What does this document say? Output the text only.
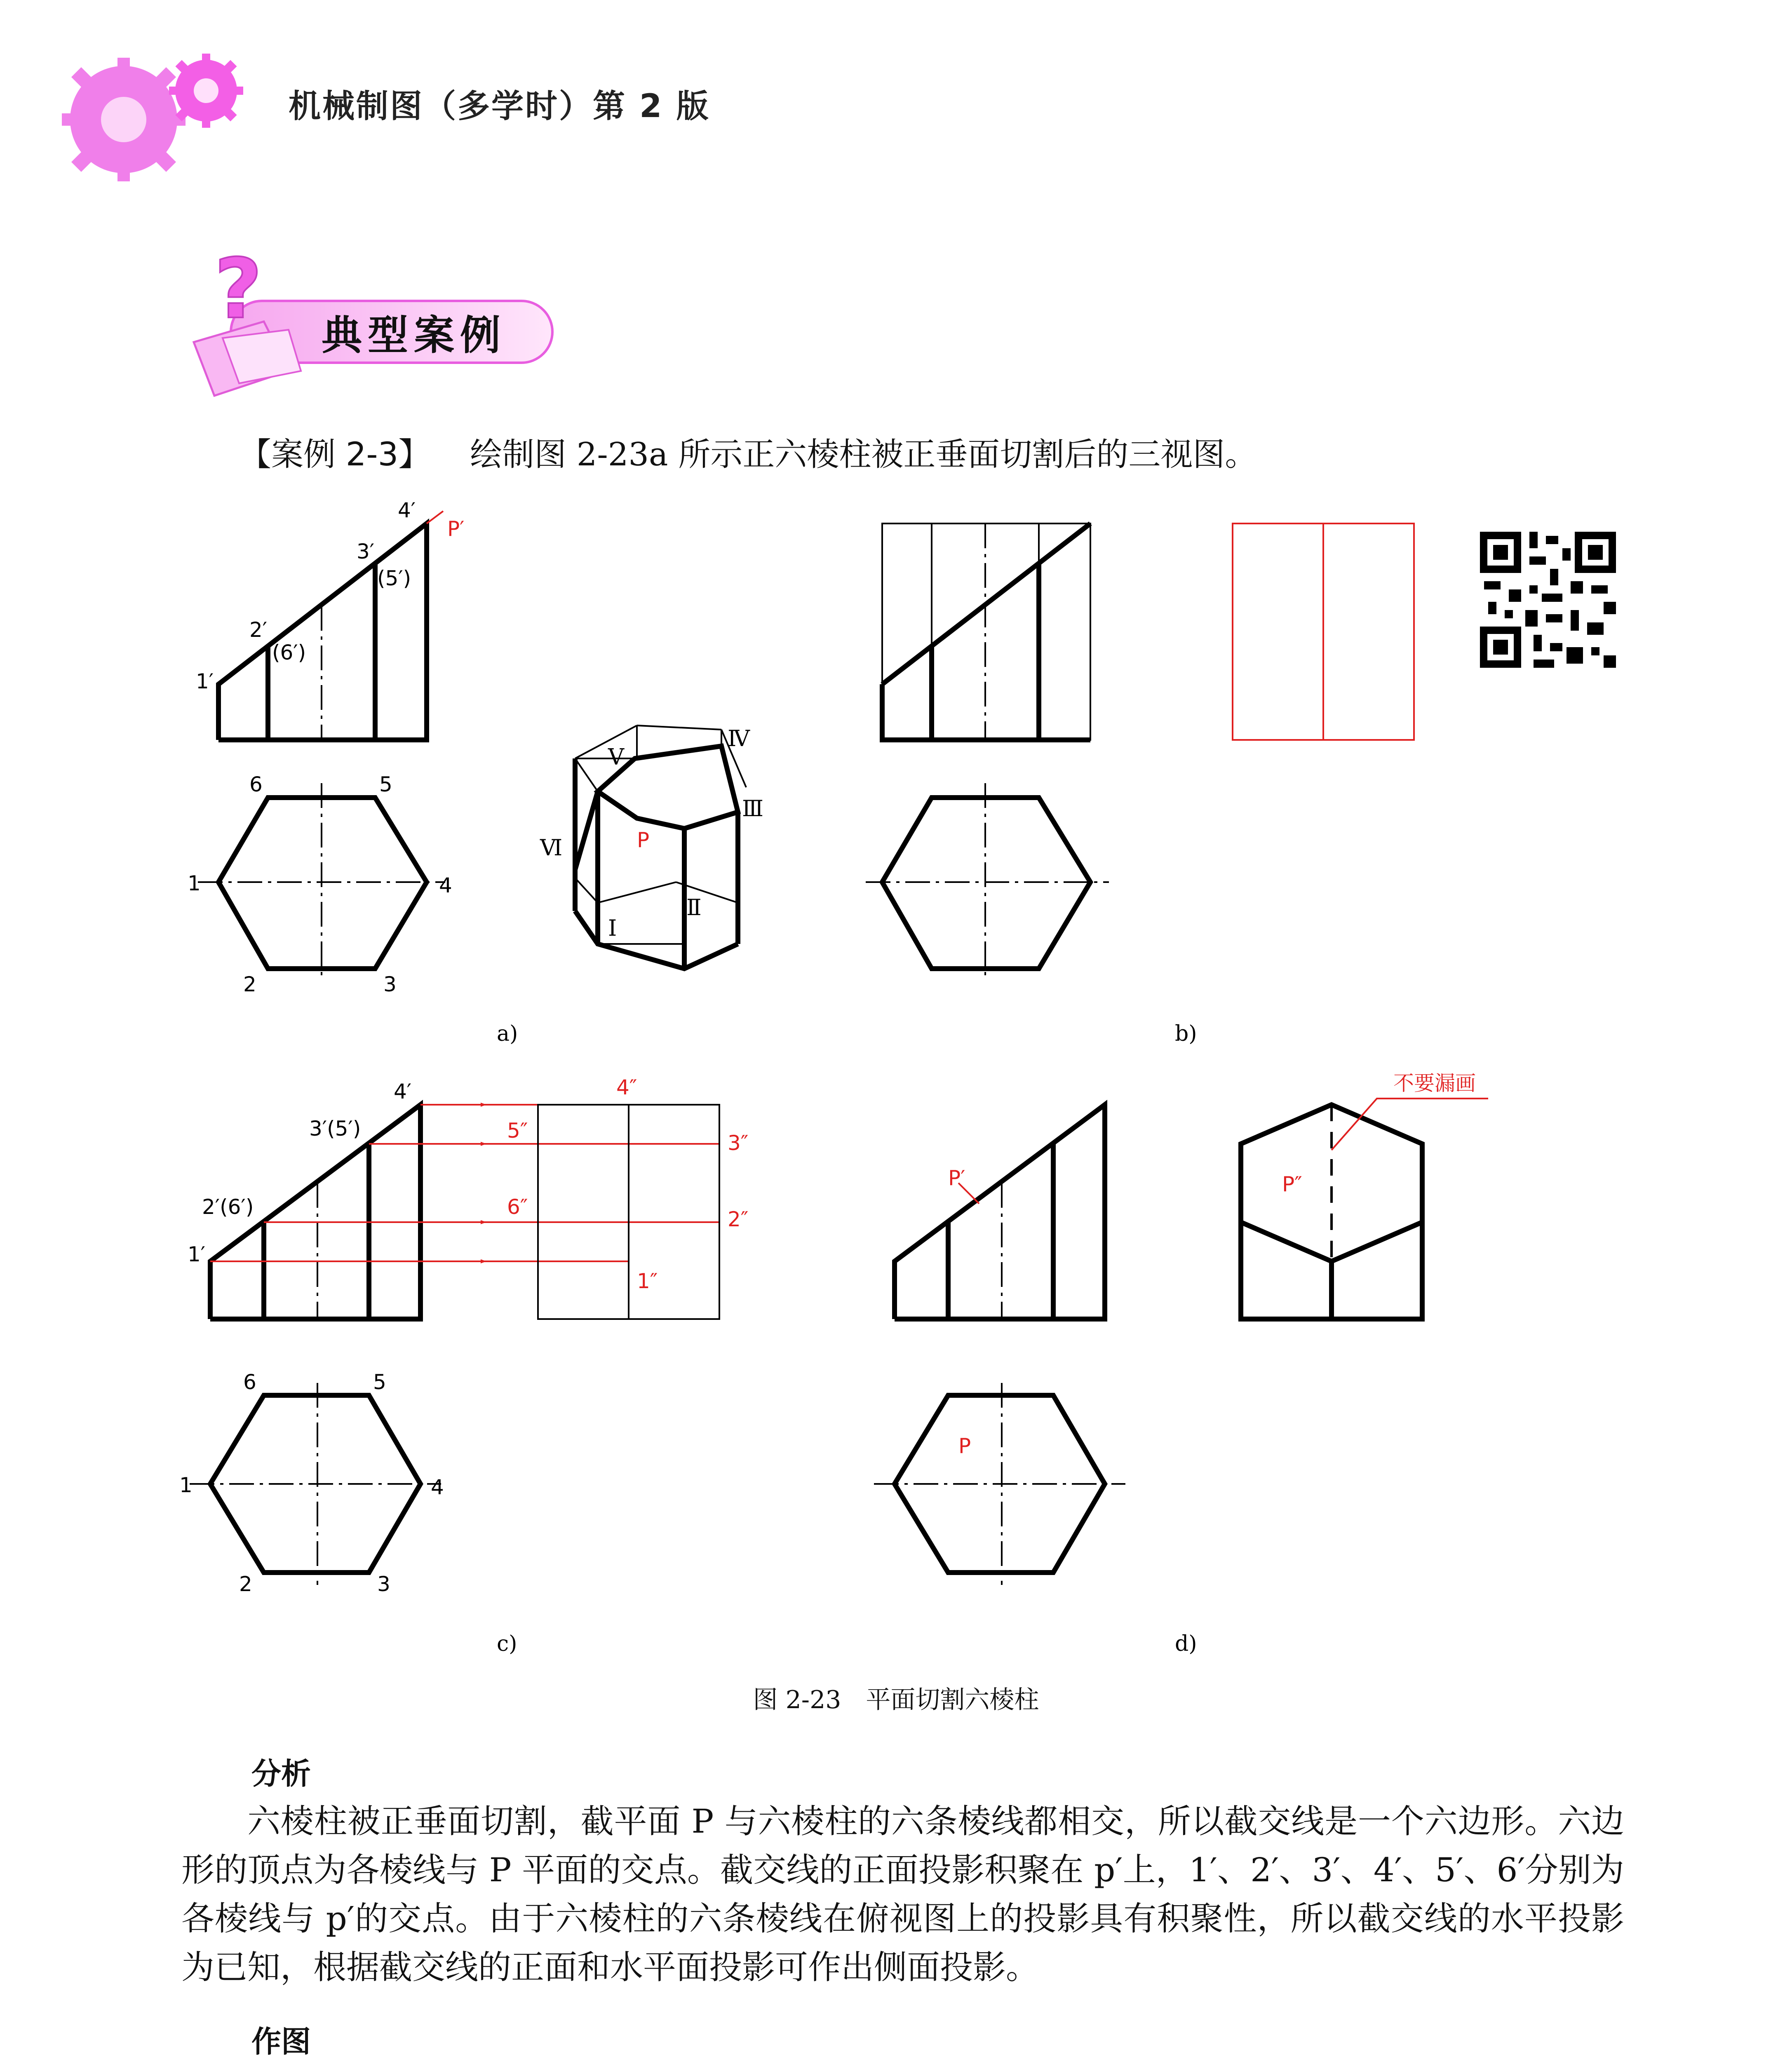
?
P′
1′
2′
3′
4′
(5′)
(6′)
1
2	3
4
5
6
Ⅰ
Ⅱ
Ⅲ
Ⅳ
Ⅴ
Ⅵ	P
1′
2′(6′)
3′(5′)
4′
1″
2″
3″
4″
5″
6″
1
2	3
4
5
6
P′	P″
P
不要漏画
a)	b)
c)	d)
机械制图（多学时）第 2 版
典型案例
【案例 2-3】 绘制图 2-23a 所示正六棱柱被正垂面切割后的三视图。
图 2-23　平面切割六棱柱
分析
六棱柱被正垂面切割，截平面 P 与六棱柱的六条棱线都相交，所以截交线是一个六边形。六边形的顶点为各棱线与 P 平面的交点。截交线的正面投影积聚在 p′上，1′、2′、3′、4′、5′、6′分别为各棱线与 p′的交点。由于六棱柱的六条棱线在俯视图上的投影具有积聚性，所以截交线的水平投影为已知，根据截交线的正面和水平面投影可作出侧面投影。
作图
